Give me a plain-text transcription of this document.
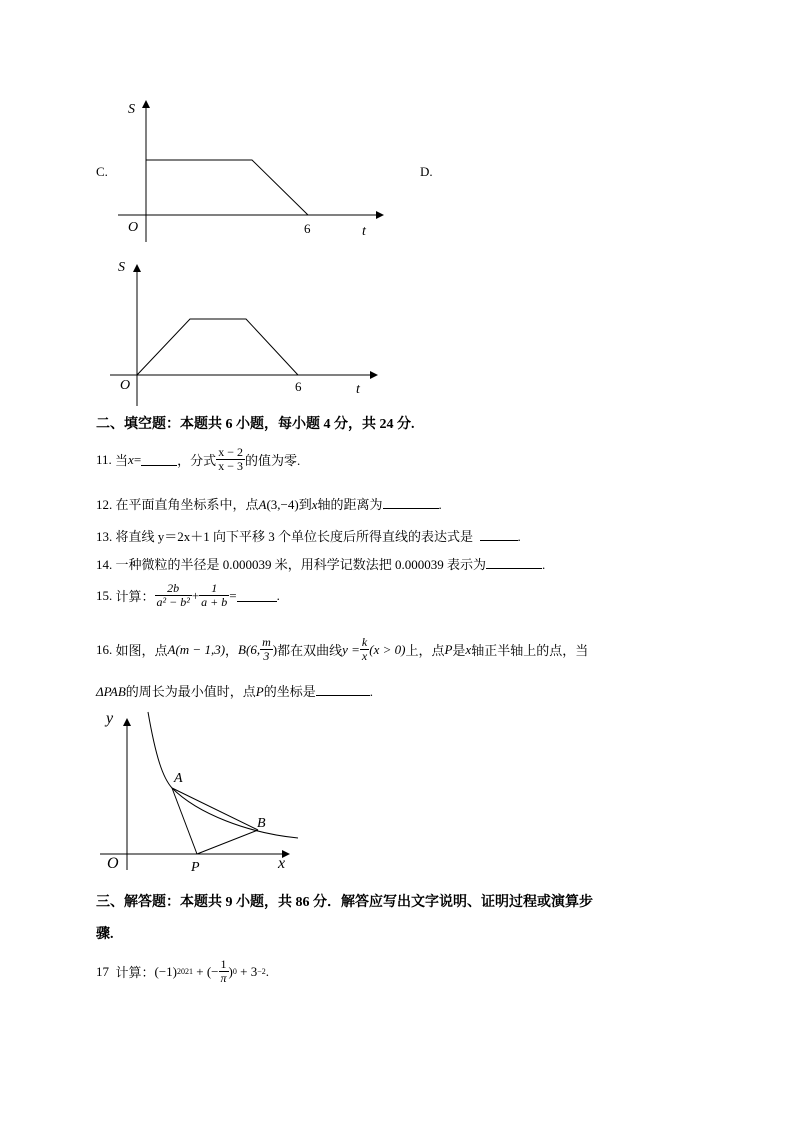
S
O	6	t
C.	D.
S
O	6	t
二、填空题：本题共 6 小题，每小题 4 分，共 24 分.
11.
当 x =	，分式 $\frac{x - 2}{x - 3}$ 的值为零.
12. 在平面直角坐标系中，点A(3,−4)到x轴的距离为	.
13. 将直线 y＝2x＋1 向下平移 3 个单位长度后所得直线的表达式是	.
14. 一种微粒的半径是 0.000039 米，用科学记数法把 0.000039 表示为	.
15.
计算： $\frac{2b}{\text{a² − b²}} + \frac{1}{a + b}$ =	.
16.
如图，点 A(m − 1,3) ， B(6, $\frac{m}{3}$ ) 都在双曲线 $y = \frac{k}{x} (x > 0)$ 上，点 P 是 x 轴正半轴上的点，当
ΔPAB的周长为最小值时，点P的坐标是	.
y
x
O
A
B
P
三、解答题：本题共 9 小题，共 86 分．解答应写出文字说明、证明过程或演算步
骤.
17
计算： (−1) 2021
+ (− $\frac{1}{\pi}$ ) 0
+ 3 −2 .
